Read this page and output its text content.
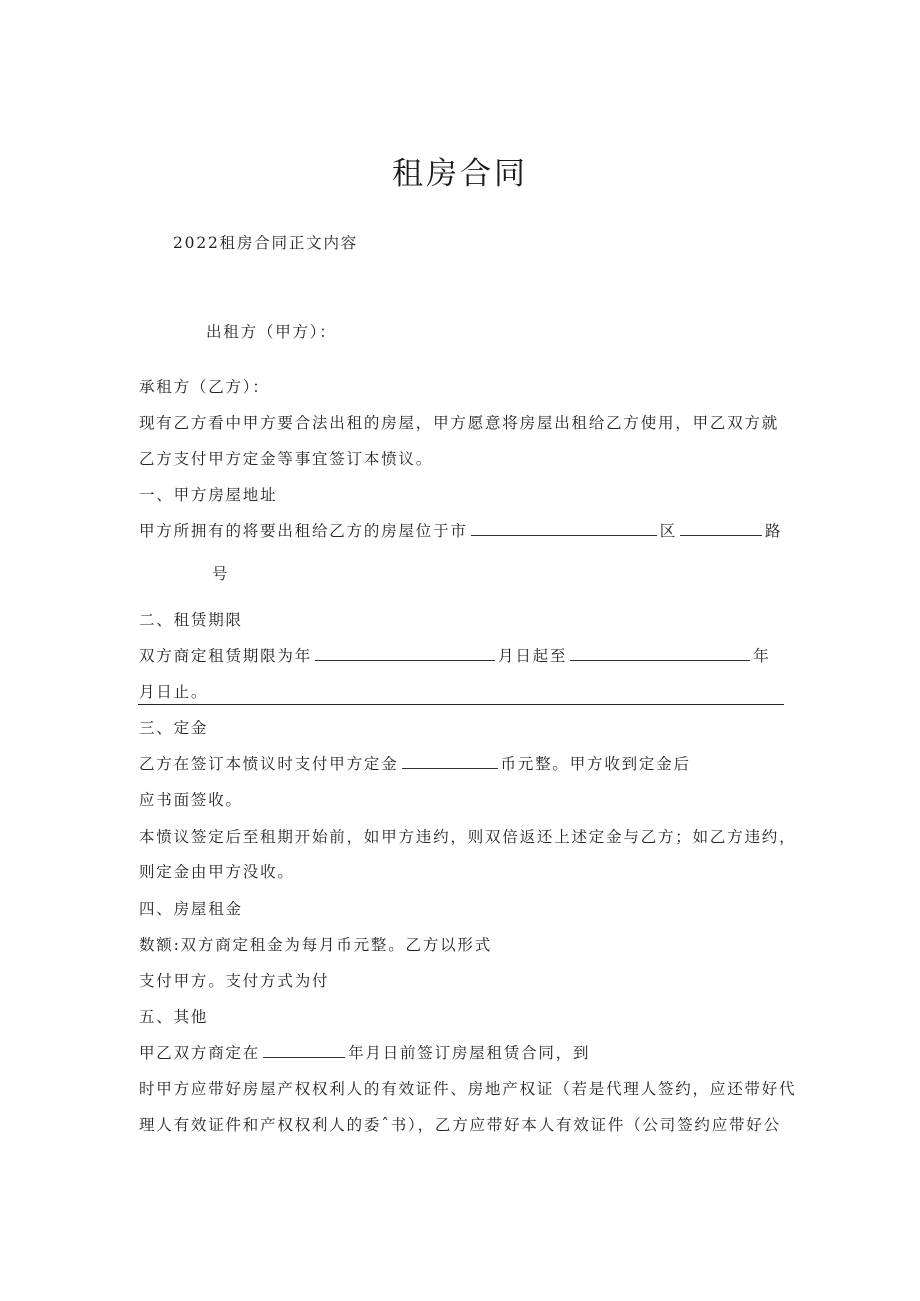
租房合同
2022租房合同正文内容
出租方（甲方）：
承租方（乙方）：
现有乙方看中甲方要合法出租的房屋，甲方愿意将房屋出租给乙方使用，甲乙双方就
乙方支付甲方定金等事宜签订本愤议。
一、甲方房屋地址
甲方所拥有的将要出租给乙方的房屋位于市	区	路
号
二、租赁期限
双方商定租赁期限为年	月日起至	年
月日止。
三、定金
乙方在签订本愤议时支付甲方定金	币元整。甲方收到定金后
应书面签收。
本愤议签定后至租期开始前，如甲方违约，则双倍返还上述定金与乙方；如乙方违约，
则定金由甲方没收。
四、房屋租金
数额:双方商定租金为每月币元整。乙方以形式
支付甲方。支付方式为付
五、其他
甲乙双方商定在	年月日前签订房屋租赁合同，到
时甲方应带好房屋产权权利人的有效证件、房地产权证（若是代理人签约，应还带好代
理人有效证件和产权权利人的委ˆ书），乙方应带好本人有效证件（公司签约应带好公
